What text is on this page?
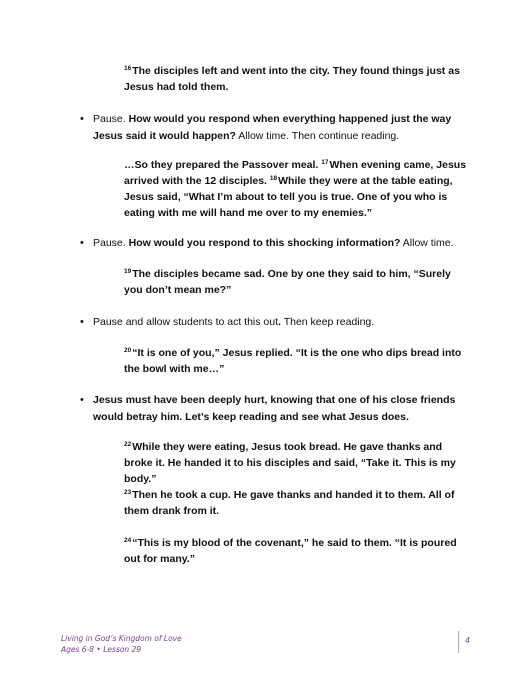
$^{16}$The disciples left and went into the city. They found things just as Jesus had told them.

• Pause. How would you respond when everything happened just the way Jesus said it would happen? Allow time. Then continue reading.

…So they prepared the Passover meal. $^{17}$When evening came, Jesus arrived with the 12 disciples. $^{18}$While they were at the table eating, Jesus said, “What I’m about to tell you is true. One of you who is eating with me will hand me over to my enemies.”

• Pause. How would you respond to this shocking information? Allow time.

$^{19}$The disciples became sad. One by one they said to him, “Surely you don’t mean me?”

• Pause and allow students to act this out. Then keep reading.

$^{20}$“It is one of you,” Jesus replied. “It is the one who dips bread into the bowl with me…”

• Jesus must have been deeply hurt, knowing that one of his close friends would betray him. Let’s keep reading and see what Jesus does.

$^{22}$While they were eating, Jesus took bread. He gave thanks and broke it. He handed it to his disciples and said, “Take it. This is my body.”

$^{23}$Then he took a cup. He gave thanks and handed it to them. All of them drank from it.

$^{24}$“This is my blood of the covenant,” he said to them. “It is poured out for many.”

Living in God’s Kingdom of Love
Ages 6-8 • Lesson 29
4
